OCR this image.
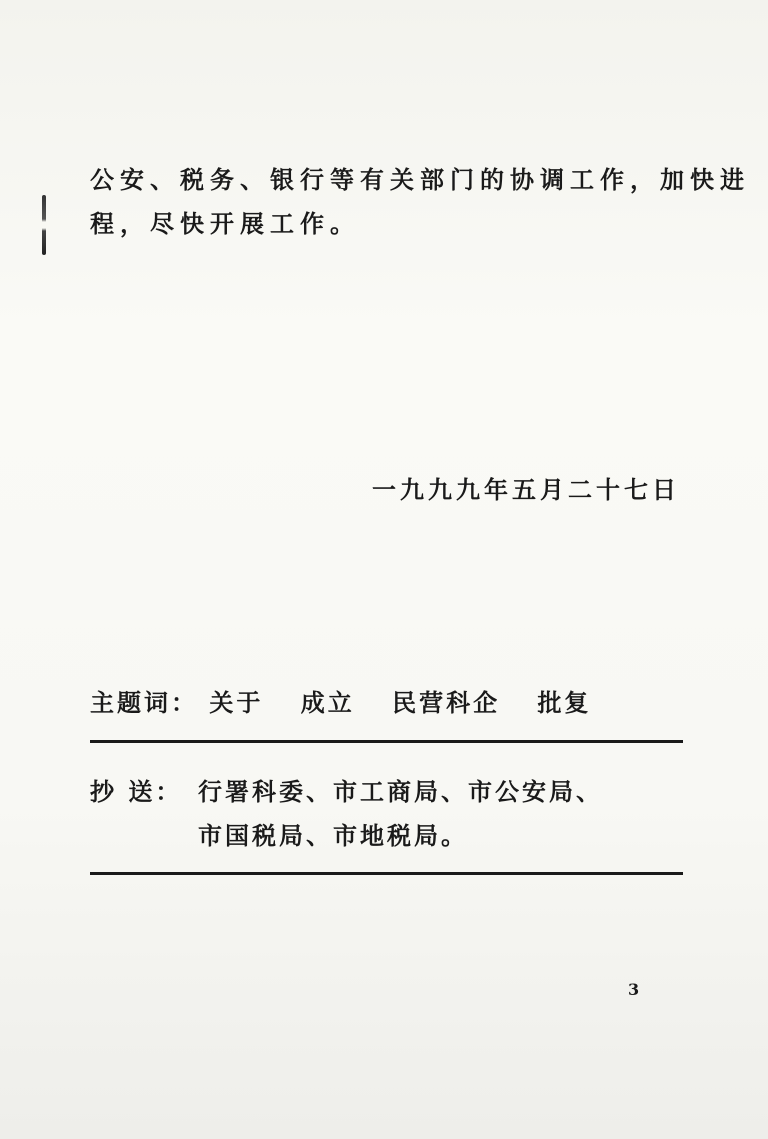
公安、税务、银行等有关部门的协调工作，加快进
程，尽快开展工作。
一九九九年五月二十七日
主题词： 关于 成立 民营科企 批复
抄 送： 行署科委、市工商局、市公安局、
市国税局、市地税局。
3
